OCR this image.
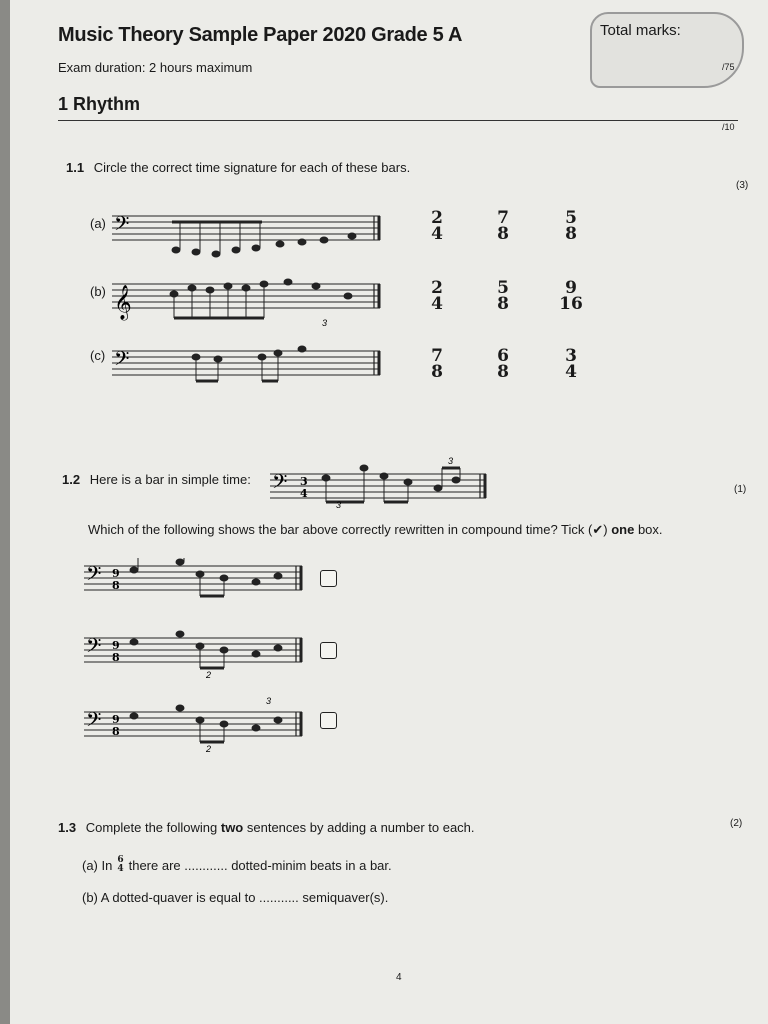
Music Theory Sample Paper 2020 Grade 5 A
Exam duration: 2 hours maximum
Total marks:
/75
1 Rhythm
/10
1.1 Circle the correct time signature for each of these bars.
(3)
(a)
(b)
(c)
𝄢
𝄞
3
𝄢
2
4
7
8
5
8
2
4
5
8
9
16
7
8
6
8
3
4
1.2 Here is a bar in simple time:
(1)
𝄢 3
4
3
3
Which of the following shows the bar above correctly rewritten in compound time? Tick (✔) one box.
𝄢 9
8
𝄢 9
8
2
𝄢 9
8
3
2
1.3 Complete the following two sentences by adding a number to each.	(2)
(a) In 6
4 there are ............ dotted-minim beats in a bar.
(b) A dotted-quaver is equal to ........... semiquaver(s).
4
